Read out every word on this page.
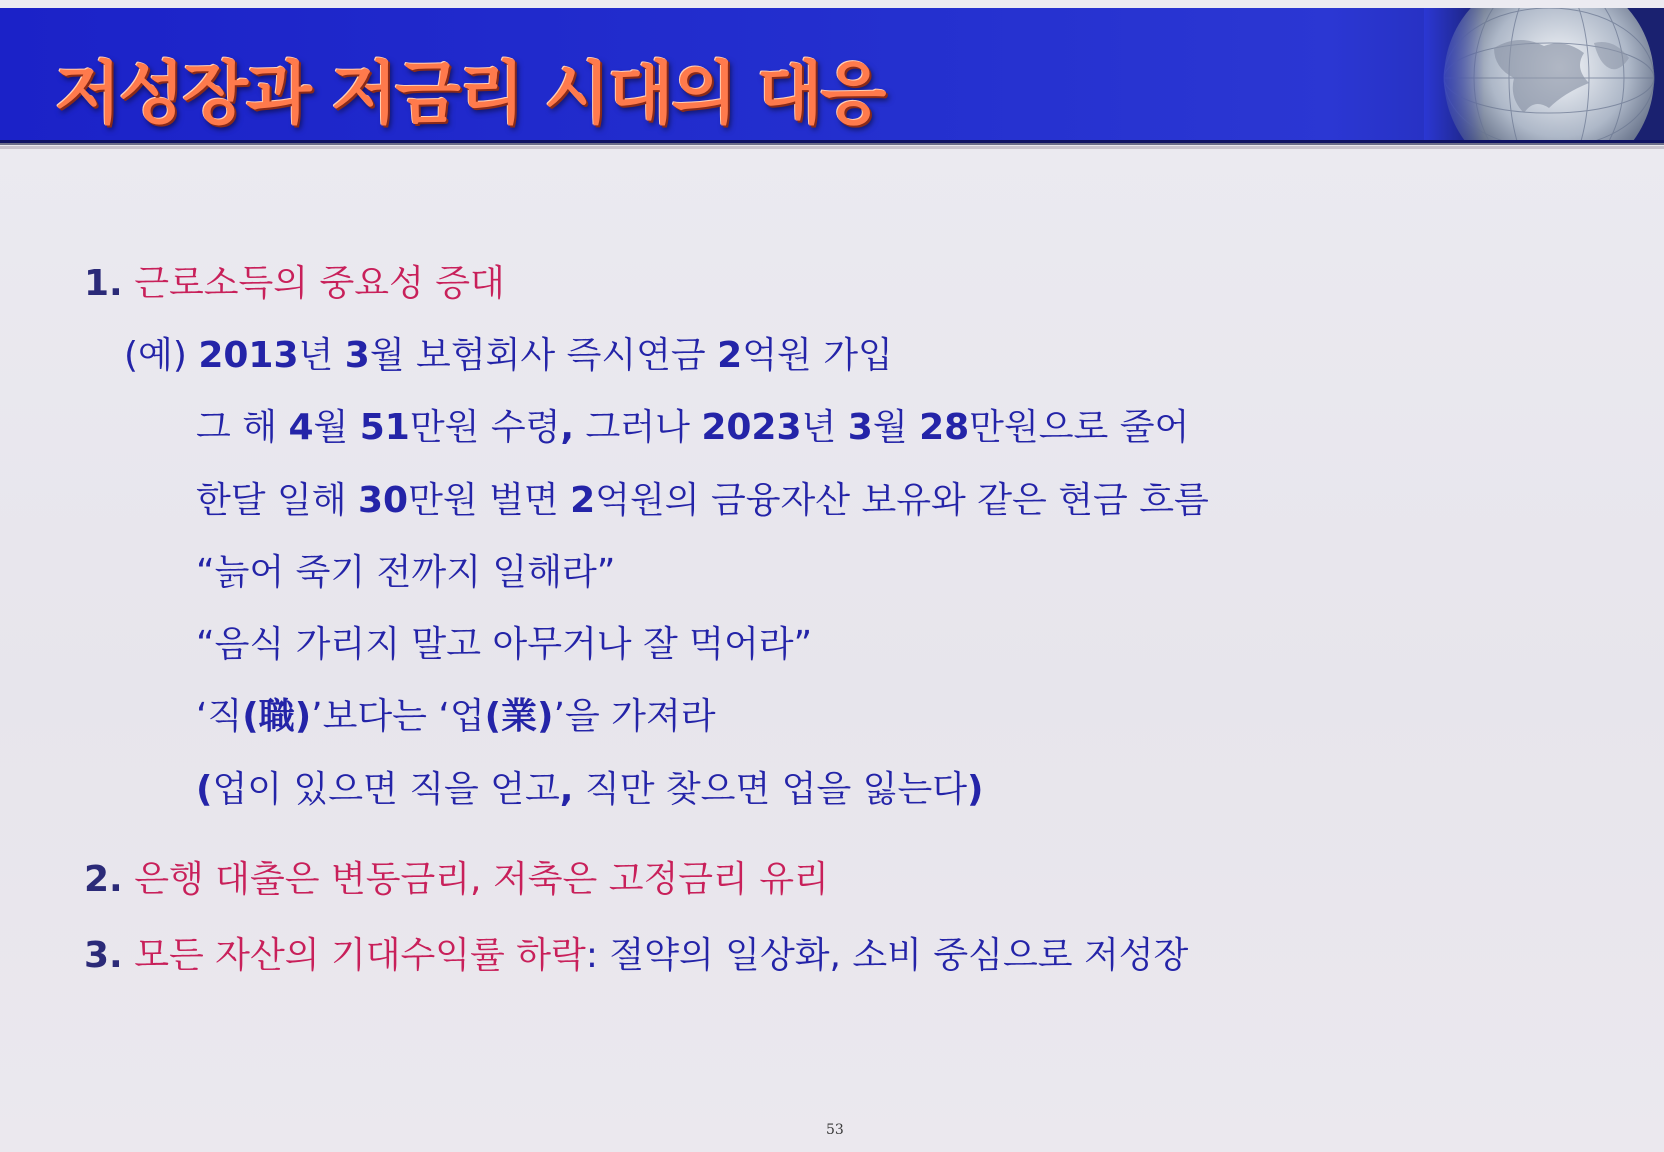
저성장과 저금리 시대의 대응
1. 근로소득의 중요성 증대
(예) 2013년 3월 보험회사 즉시연금 2억원 가입
그 해 4월 51만원 수령, 그러나 2023년 3월 28만원으로 줄어
한달 일해 30만원 벌면 2억원의 금융자산 보유와 같은 현금 흐름
“늙어 죽기 전까지 일해라”
“음식 가리지 말고 아무거나 잘 먹어라”
‘직(職)’보다는 ‘업(業)’을 가져라
(업이 있으면 직을 얻고, 직만 찾으면 업을 잃는다)
2. 은행 대출은 변동금리, 저축은 고정금리 유리
3. 모든 자산의 기대수익률 하락: 절약의 일상화, 소비 중심으로 저성장
53
